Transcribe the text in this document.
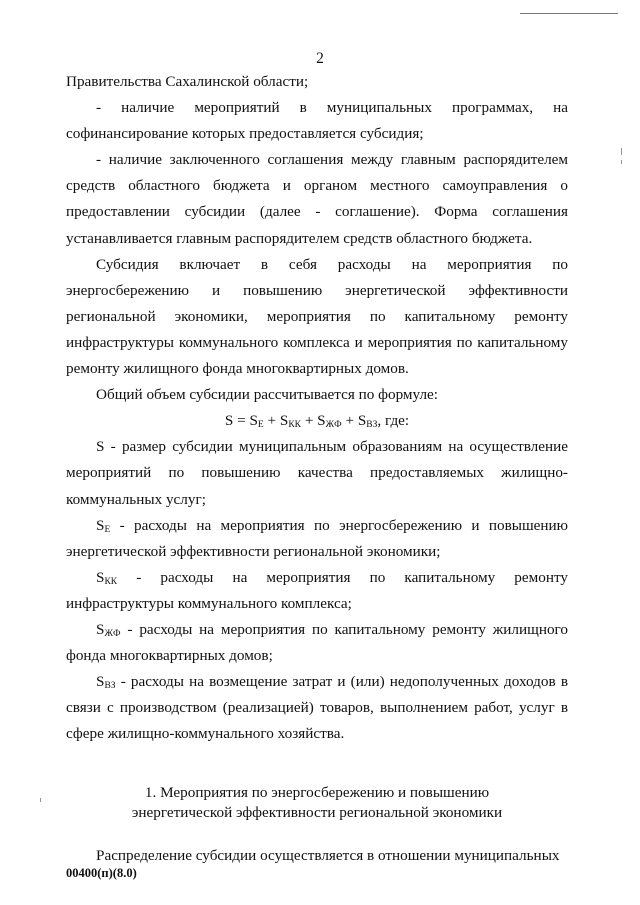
2

Правительства Сахалинской области;

- наличие мероприятий в муниципальных программах, на софинансирование которых предоставляется субсидия;

- наличие заключенного соглашения между главным распорядителем средств областного бюджета и органом местного самоуправления о предоставлении субсидии (далее - соглашение). Форма соглашения устанавливается главным распорядителем средств областного бюджета.

Субсидия включает в себя расходы на мероприятия по энергосбережению и повышению энергетической эффективности региональной экономики, мероприятия по капитальному ремонту инфраструктуры коммунального комплекса и мероприятия по капитальному ремонту жилищного фонда многоквартирных домов.

Общий объем субсидии рассчитывается по формуле:

$S = S_E + S_{КК} + S_{ЖФ} + S_{ВЗ}$, где:

S - размер субсидии муниципальным образованиям на осуществление мероприятий по повышению качества предоставляемых жилищно-коммунальных услуг;

$S_E$ - расходы на мероприятия по энергосбережению и повышению энергетической эффективности региональной экономики;

$S_{КК}$ - расходы на мероприятия по капитальному ремонту инфраструктуры коммунального комплекса;

$S_{ЖФ}$ - расходы на мероприятия по капитальному ремонту жилищного фонда многоквартирных домов;

$S_{ВЗ}$ - расходы на возмещение затрат и (или) недополученных доходов в связи с производством (реализацией) товаров, выполнением работ, услуг в сфере жилищно-коммунального хозяйства.

1. Мероприятия по энергосбережению и повышению
энергетической эффективности региональной экономики

Распределение субсидии осуществляется в отношении муниципальных

00400(п)(8.0)
